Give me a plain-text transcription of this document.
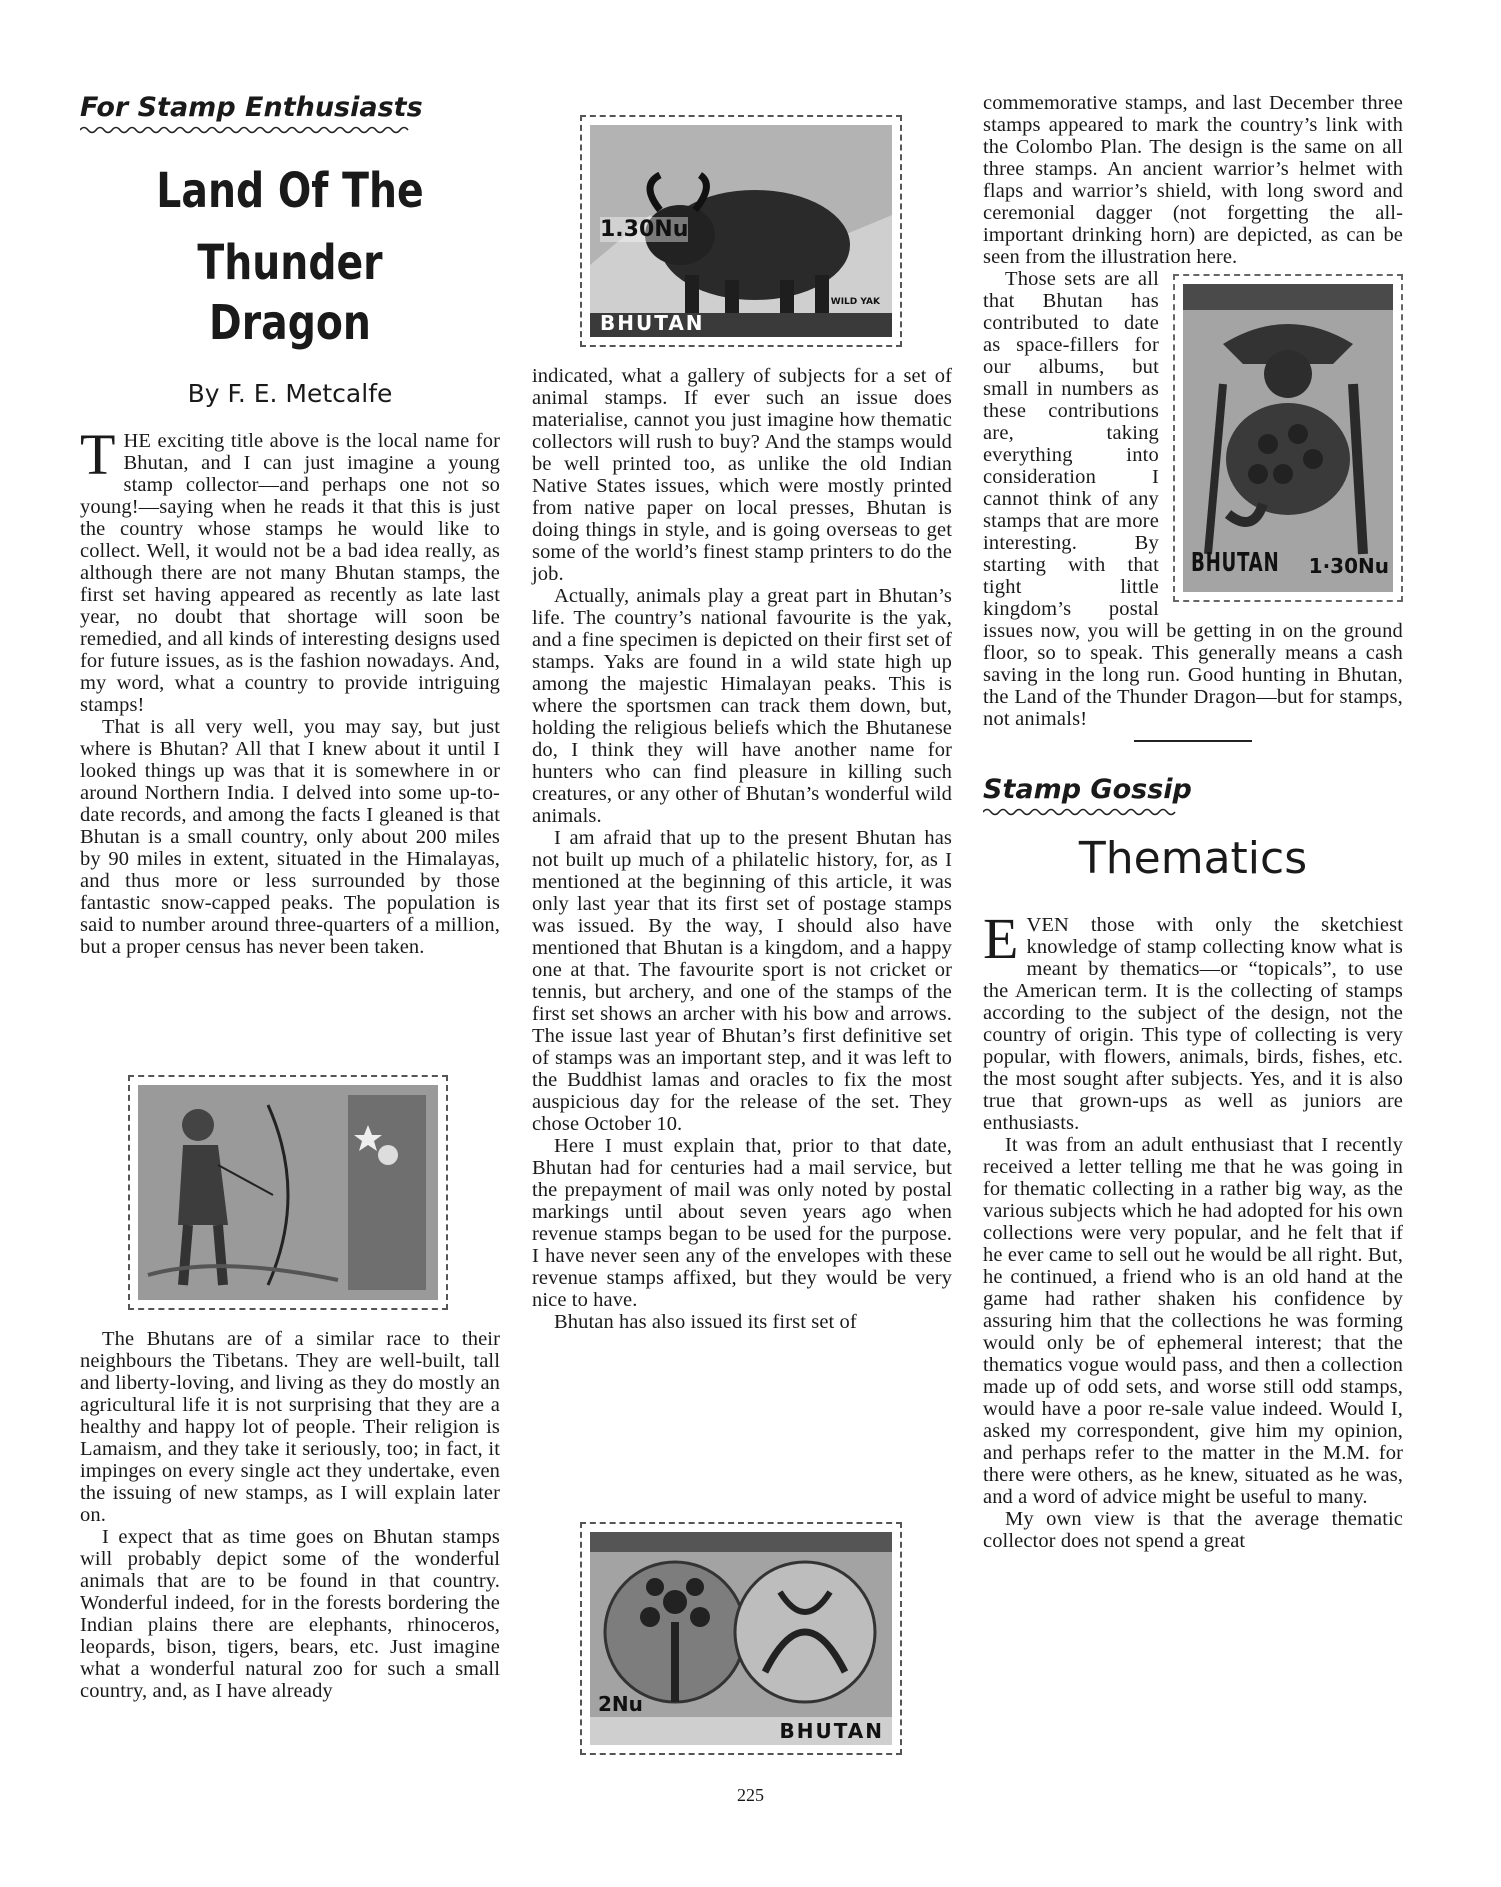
For Stamp Enthusiasts
Land Of The
Thunder Dragon
By F. E. Metcalfe

THE exciting title above is the local name for Bhutan, and I can just imagine a young stamp collector—and perhaps one not so young!—saying when he reads it that this is just the country whose stamps he would like to collect. Well, it would not be a bad idea really, as although there are not many Bhutan stamps, the first set having appeared as recently as late last year, no doubt that shortage will soon be remedied, and all kinds of interesting designs used for future issues, as is the fashion nowadays. And, my word, what a country to provide intriguing stamps!

That is all very well, you may say, but just where is Bhutan? All that I knew about it until I looked things up was that it is somewhere in or around Northern India. I delved into some up-to-date records, and among the facts I gleaned is that Bhutan is a small country, only about 200 miles by 90 miles in extent, situated in the Himalayas, and thus more or less surrounded by those fantastic snow-capped peaks. The population is said to number around three-quarters of a million, but a proper census has never been taken.

The Bhutans are of a similar race to their neighbours the Tibetans. They are well-built, tall and liberty-loving, and living as they do mostly an agricultural life it is not surprising that they are a healthy and happy lot of people. Their religion is Lamaism, and they take it seriously, too; in fact, it impinges on every single act they undertake, even the issuing of new stamps, as I will explain later on.

I expect that as time goes on Bhutan stamps will probably depict some of the wonderful animals that are to be found in that country. Wonderful indeed, for in the forests bordering the Indian plains there are elephants, rhinoceros, leopards, bison, tigers, bears, etc. Just imagine what a wonderful natural zoo for such a small country, and, as I have already

1.30Nu
WILD YAK
BHUTAN

indicated, what a gallery of subjects for a set of animal stamps. If ever such an issue does materialise, cannot you just imagine how thematic collectors will rush to buy? And the stamps would be well printed too, as unlike the old Indian Native States issues, which were mostly printed from native paper on local presses, Bhutan is doing things in style, and is going overseas to get some of the world’s finest stamp printers to do the job.

Actually, animals play a great part in Bhutan’s life. The country’s national favourite is the yak, and a fine specimen is depicted on their first set of stamps. Yaks are found in a wild state high up among the majestic Himalayan peaks. This is where the sportsmen can track them down, but, holding the religious beliefs which the Bhutanese do, I think they will have another name for hunters who can find pleasure in killing such creatures, or any other of Bhutan’s wonderful wild animals.

I am afraid that up to the present Bhutan has not built up much of a philatelic history, for, as I mentioned at the beginning of this article, it was only last year that its first set of postage stamps was issued. By the way, I should also have mentioned that Bhutan is a kingdom, and a happy one at that. The favourite sport is not cricket or tennis, but archery, and one of the stamps of the first set shows an archer with his bow and arrows. The issue last year of Bhutan’s first definitive set of stamps was an important step, and it was left to the Buddhist lamas and oracles to fix the most auspicious day for the release of the set. They chose October 10.

Here I must explain that, prior to that date, Bhutan had for centuries had a mail service, but the prepayment of mail was only noted by postal markings until about seven years ago when revenue stamps began to be used for the purpose. I have never seen any of the envelopes with these revenue stamps affixed, but they would be very nice to have.

Bhutan has also issued its first set of

2Nu
BHUTAN

commemorative stamps, and last December three stamps appeared to mark the country’s link with the Colombo Plan. The design is the same on all three stamps. An ancient warrior’s helmet with flaps and warrior’s shield, with long sword and ceremonial dagger (not forgetting the all-important drinking horn) are depicted, as can be seen from the illustration here.

BHUTAN 1·30Nu

Those sets are all that Bhutan has contributed to date as space-fillers for our albums, but small in numbers as these contributions are, taking everything into consideration I cannot think of any stamps that are more interesting. By starting with that tight little kingdom’s postal issues now, you will be getting in on the ground floor, so to speak. This generally means a cash saving in the long run. Good hunting in Bhutan, the Land of the Thunder Dragon—but for stamps, not animals!

Stamp Gossip
Thematics

EVEN those with only the sketchiest knowledge of stamp collecting know what is meant by thematics—or “topicals”, to use the American term. It is the collecting of stamps according to the subject of the design, not the country of origin. This type of collecting is very popular, with flowers, animals, birds, fishes, etc. the most sought after subjects. Yes, and it is also true that grown-ups as well as juniors are enthusiasts.

It was from an adult enthusiast that I recently received a letter telling me that he was going in for thematic collecting in a rather big way, as the various subjects which he had adopted for his own collections were very popular, and he felt that if he ever came to sell out he would be all right. But, he continued, a friend who is an old hand at the game had rather shaken his confidence by assuring him that the collections he was forming would only be of ephemeral interest; that the thematics vogue would pass, and then a collection made up of odd sets, and worse still odd stamps, would have a poor re-sale value indeed. Would I, asked my correspondent, give him my opinion, and perhaps refer to the matter in the M.M. for there were others, as he knew, situated as he was, and a word of advice might be useful to many.

My own view is that the average thematic collector does not spend a great

225
